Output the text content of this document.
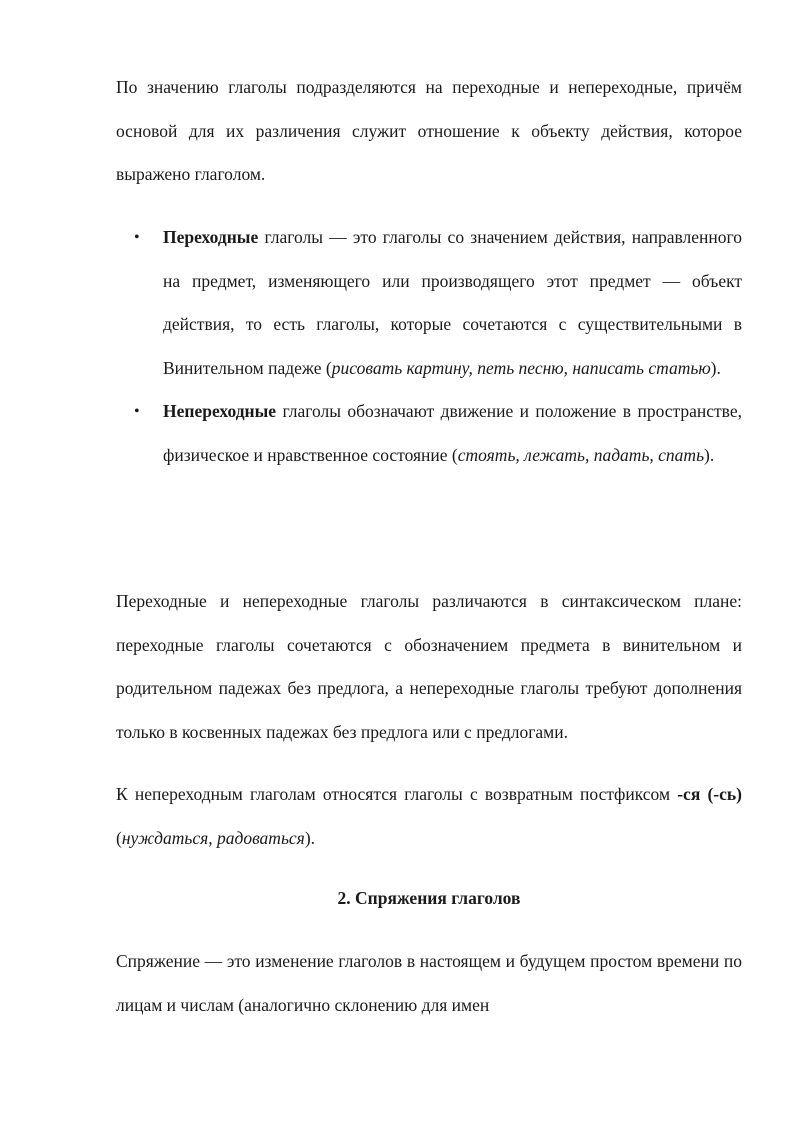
По значению глаголы подразделяются на переходные и непереходные, причём основой для их различения служит отношение к объекту действия, которое выражено глаголом.

• Переходные глаголы — это глаголы со значением действия, направленного на предмет, изменяющего или производящего этот предмет — объект действия, то есть глаголы, которые сочетаются с существительными в Винительном падеже (рисовать картину, петь песню, написать статью).
• Непереходные глаголы обозначают движение и положение в пространстве, физическое и нравственное состояние (стоять, лежать, падать, спать).

Переходные и непереходные глаголы различаются в синтаксическом плане: переходные глаголы сочетаются с обозначением предмета в винительном и родительном падежах без предлога, а непереходные глаголы требуют дополнения только в косвенных падежах без предлога или с предлогами.

К непереходным глаголам относятся глаголы с возвратным постфиксом -ся (-сь) (нуждаться, радоваться).

2. Спряжения глаголов

Спряжение — это изменение глаголов в настоящем и будущем простом времени по лицам и числам (аналогично склонению для имен
